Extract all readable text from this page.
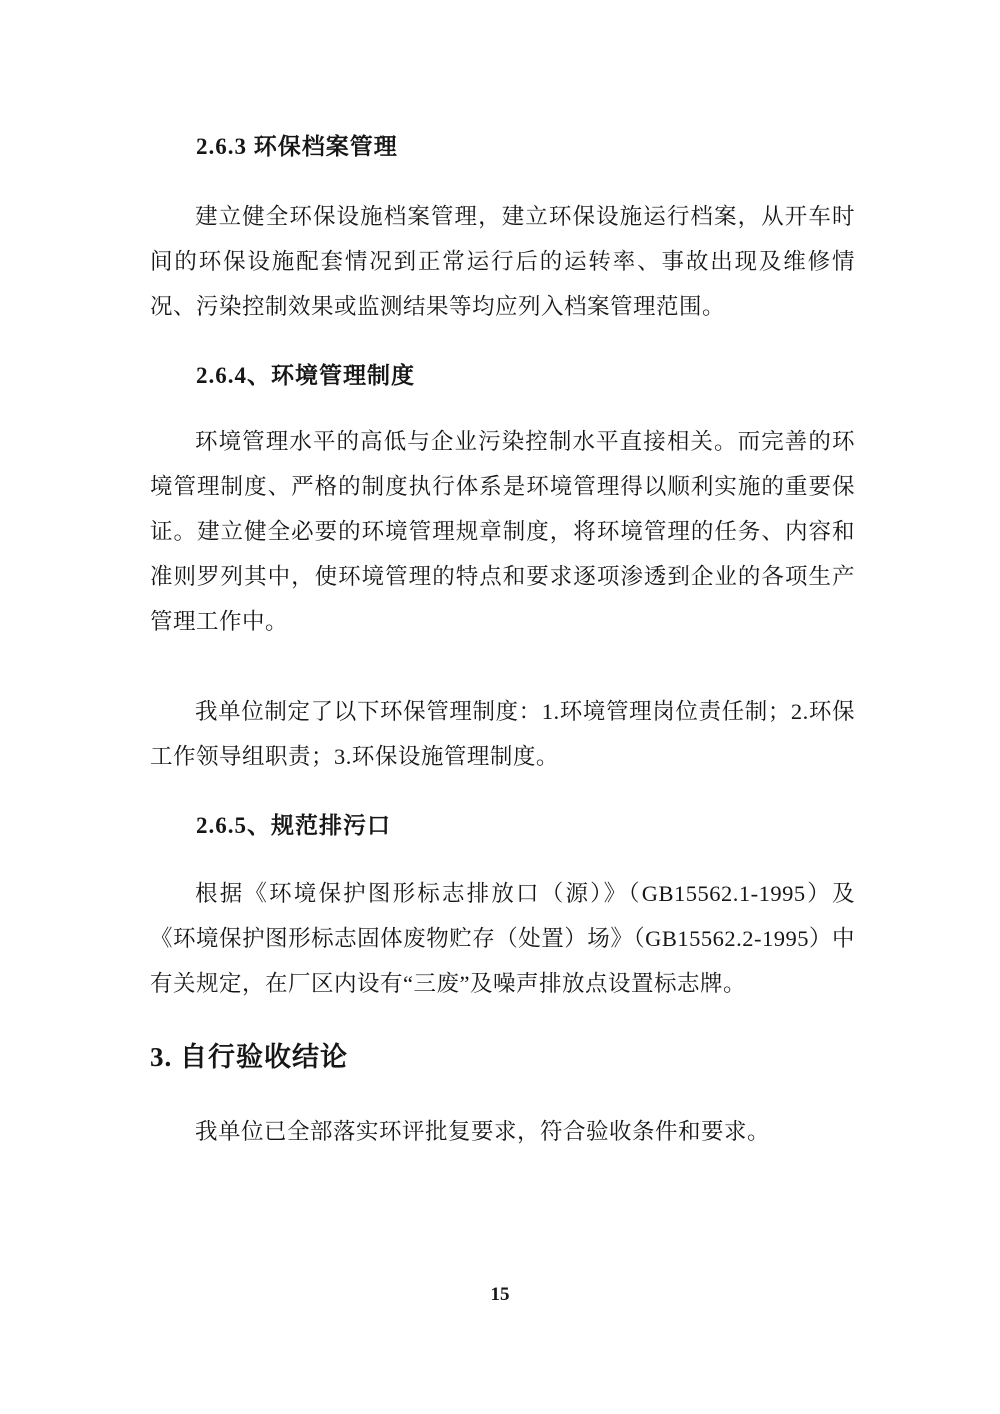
2.6.3 环保档案管理

建立健全环保设施档案管理，建立环保设施运行档案，从开车时间的环保设施配套情况到正常运行后的运转率、事故出现及维修情况、污染控制效果或监测结果等均应列入档案管理范围。

2.6.4、环境管理制度

环境管理水平的高低与企业污染控制水平直接相关。而完善的环境管理制度、严格的制度执行体系是环境管理得以顺利实施的重要保证。建立健全必要的环境管理规章制度，将环境管理的任务、内容和准则罗列其中，使环境管理的特点和要求逐项渗透到企业的各项生产管理工作中。

我单位制定了以下环保管理制度：1.环境管理岗位责任制；2.环保工作领导组职责；3.环保设施管理制度。

2.6.5、规范排污口

根据《环境保护图形标志排放口（源）》（GB15562.1-1995）及《环境保护图形标志固体废物贮存（处置）场》（GB15562.2-1995）中有关规定，在厂区内设有“三废”及噪声排放点设置标志牌。

3. 自行验收结论

我单位已全部落实环评批复要求，符合验收条件和要求。

15
